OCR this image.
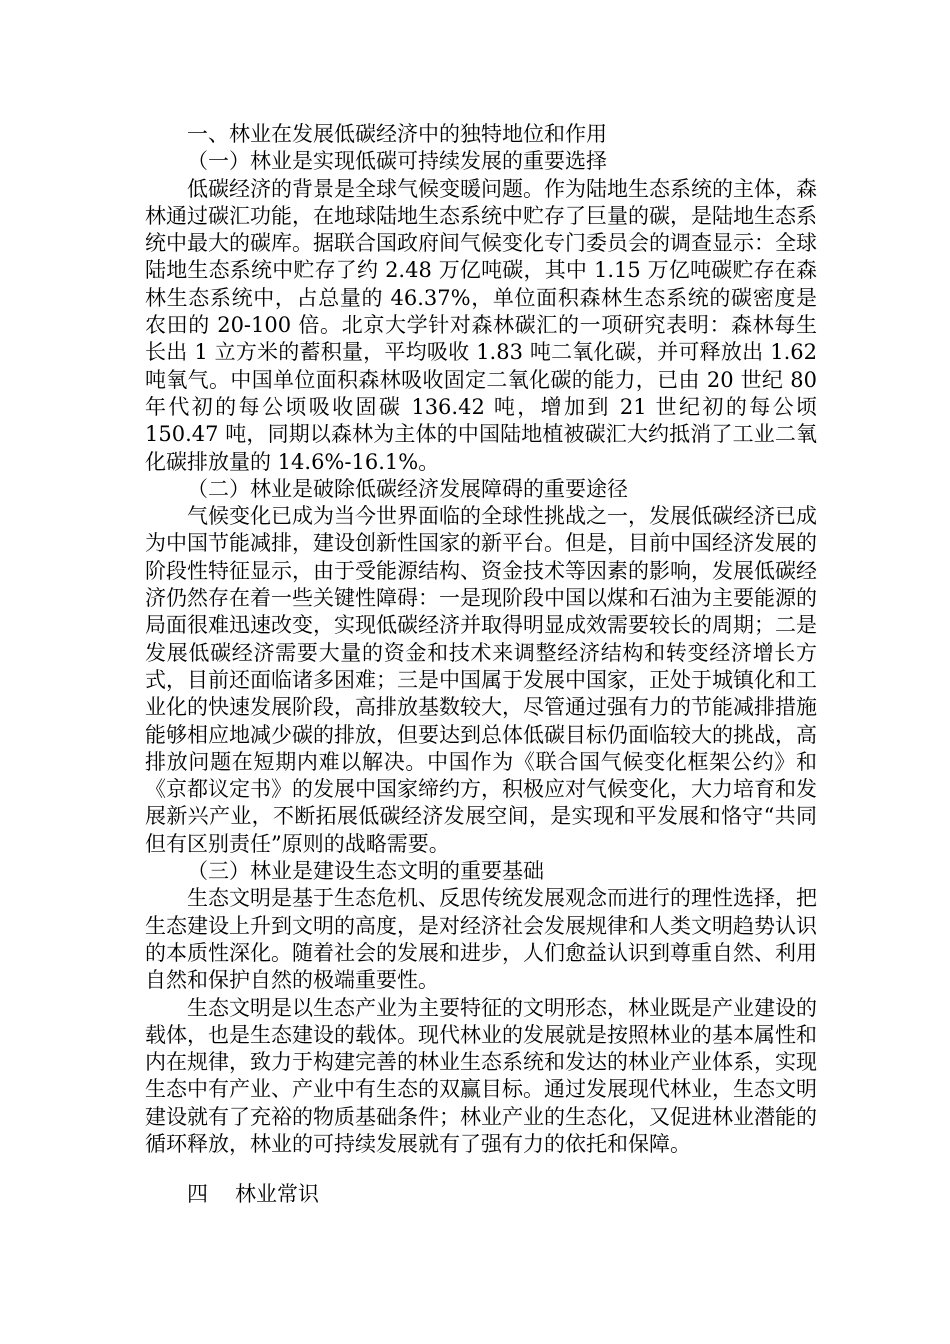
一、林业在发展低碳经济中的独特地位和作用

（一）林业是实现低碳可持续发展的重要选择

低碳经济的背景是全球气候变暖问题。作为陆地生态系统的主体，森林通过碳汇功能，在地球陆地生态系统中贮存了巨量的碳，是陆地生态系统中最大的碳库。据联合国政府间气候变化专门委员会的调查显示：全球陆地生态系统中贮存了约 2.48 万亿吨碳，其中 1.15 万亿吨碳贮存在森林生态系统中，占总量的 46.37%，单位面积森林生态系统的碳密度是农田的 20-100 倍。北京大学针对森林碳汇的一项研究表明：森林每生长出 1 立方米的蓄积量，平均吸收 1.83 吨二氧化碳，并可释放出 1.62 吨氧气。中国单位面积森林吸收固定二氧化碳的能力，已由 20 世纪 80 年代初的每公顷吸收固碳 136.42 吨，增加到 21 世纪初的每公顷 150.47 吨，同期以森林为主体的中国陆地植被碳汇大约抵消了工业二氧化碳排放量的 14.6%-16.1%。

（二）林业是破除低碳经济发展障碍的重要途径

气候变化已成为当今世界面临的全球性挑战之一，发展低碳经济已成为中国节能减排，建设创新性国家的新平台。但是，目前中国经济发展的阶段性特征显示，由于受能源结构、资金技术等因素的影响，发展低碳经济仍然存在着一些关键性障碍：一是现阶段中国以煤和石油为主要能源的局面很难迅速改变，实现低碳经济并取得明显成效需要较长的周期；二是发展低碳经济需要大量的资金和技术来调整经济结构和转变经济增长方式，目前还面临诸多困难；三是中国属于发展中国家，正处于城镇化和工业化的快速发展阶段，高排放基数较大，尽管通过强有力的节能减排措施能够相应地减少碳的排放，但要达到总体低碳目标仍面临较大的挑战，高排放问题在短期内难以解决。中国作为《联合国气候变化框架公约》和《京都议定书》的发展中国家缔约方，积极应对气候变化，大力培育和发展新兴产业，不断拓展低碳经济发展空间，是实现和平发展和恪守“共同但有区别责任”原则的战略需要。

（三）林业是建设生态文明的重要基础

生态文明是基于生态危机、反思传统发展观念而进行的理性选择，把生态建设上升到文明的高度，是对经济社会发展规律和人类文明趋势认识的本质性深化。随着社会的发展和进步，人们愈益认识到尊重自然、利用自然和保护自然的极端重要性。

生态文明是以生态产业为主要特征的文明形态，林业既是产业建设的载体，也是生态建设的载体。现代林业的发展就是按照林业的基本属性和内在规律，致力于构建完善的林业生态系统和发达的林业产业体系，实现生态中有产业、产业中有生态的双赢目标。通过发展现代林业，生态文明建设就有了充裕的物质基础条件；林业产业的生态化，又促进林业潜能的循环释放，林业的可持续发展就有了强有力的依托和保障。

四 林业常识
